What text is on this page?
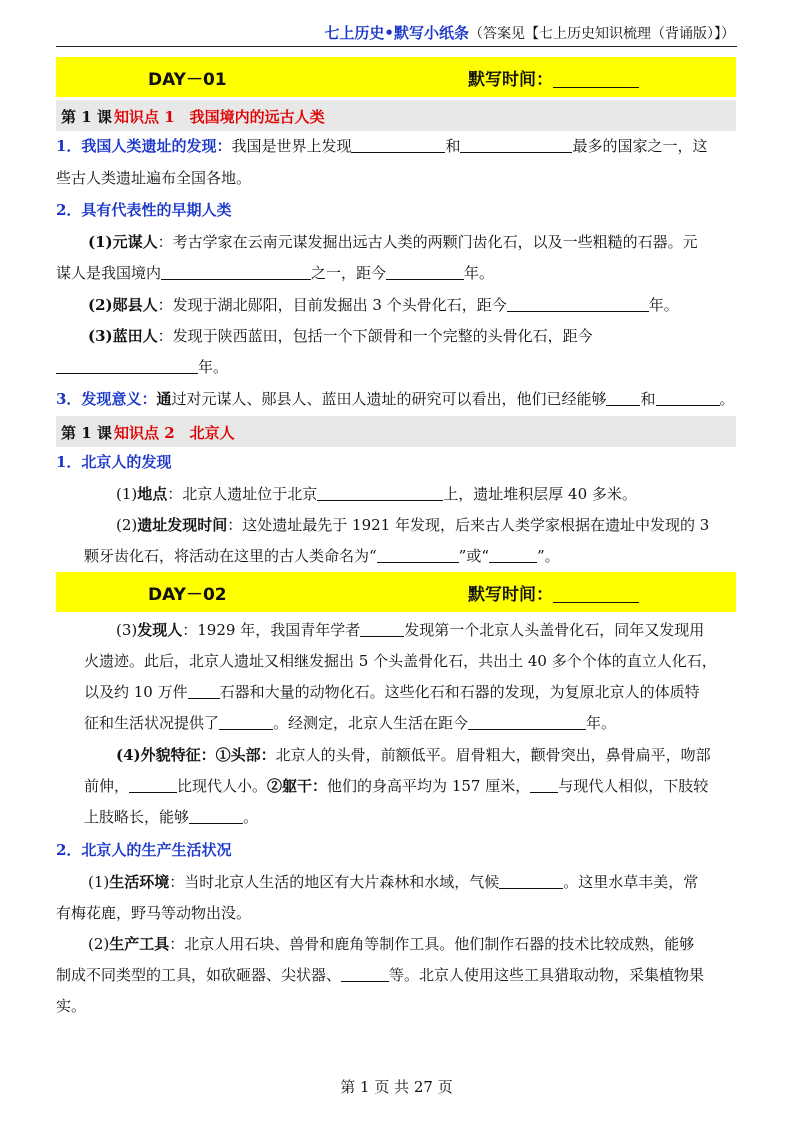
七上历史•默写小纸条（答案见【七上历史知识梳理（背诵版）】）
DAY－01	默写时间：
第 1 课 知识点 1　我国境内的远古人类
1．我国人类遗址的发现：我国是世界上发现	和	最多的国家之一，这
些古人类遗址遍布全国各地。
2．具有代表性的早期人类
(1)元谋人：考古学家在云南元谋发掘出远古人类的两颗门齿化石，以及一些粗糙的石器。元
谋人是我国境内	之一，距今	年。
(2)郧县人：发现于湖北郧阳，目前发掘出 3 个头骨化石，距今	年。
(3)蓝田人：发现于陕西蓝田，包括一个下颌骨和一个完整的头骨化石，距今
年。
3．发现意义：通过对元谋人、郧县人、蓝田人遗址的研究可以看出，他们已经能够 和	。
第 1 课 知识点 2　北京人
1．北京人的发现
(1)地点：北京人遗址位于北京	上，遗址堆积层厚 40 多米。
(2)遗址发现时间：这处遗址最先于 1921 年发现，后来古人类学家根据在遗址中发现的 3
颗牙齿化石，将活动在这里的古人类命名为“	”或“	”。
DAY－02	默写时间：
(3)发现人：1929 年，我国青年学者	发现第一个北京人头盖骨化石，同年又发现用
火遗迹。此后，北京人遗址又相继发掘出 5 个头盖骨化石，共出土 40 多个个体的直立人化石，
以及约 10 万件 石器和大量的动物化石。这些化石和石器的发现，为复原北京人的体质特
征和生活状况提供了	。经测定，北京人生活在距今	年。
(4)外貌特征：①头部：北京人的头骨，前额低平。眉骨粗大，颧骨突出，鼻骨扁平，吻部
前伸，	比现代人小。②躯干：他们的身高平均为 157 厘米， 与现代人相似，下肢较
上肢略长，能够	。
2．北京人的生产生活状况
(1)生活环境：当时北京人生活的地区有大片森林和水域，气候	。这里水草丰美，常
有梅花鹿，野马等动物出没。
(2)生产工具：北京人用石块、兽骨和鹿角等制作工具。他们制作石器的技术比较成熟，能够
制成不同类型的工具，如砍砸器、尖状器、	等。北京人使用这些工具猎取动物，采集植物果
实。
第 1 页 共 27 页
